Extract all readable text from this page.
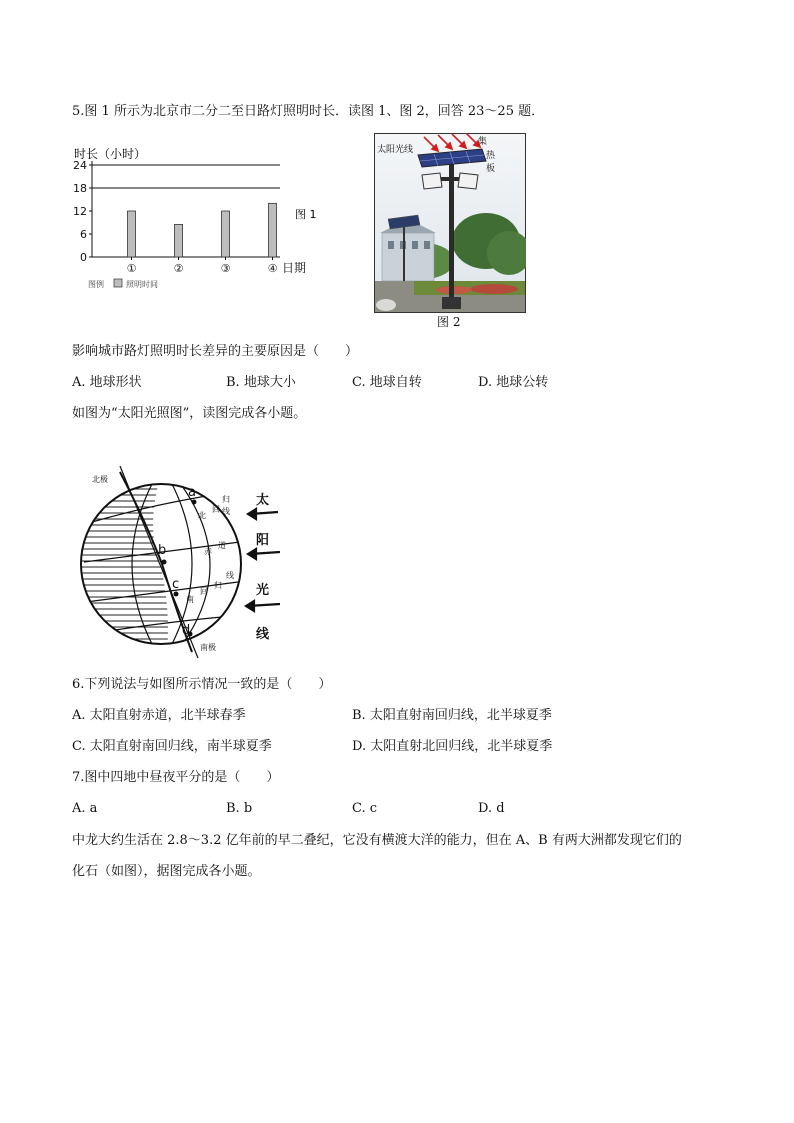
5.图 1 所示为北京市二分二至日路灯照明时长．读图 1、图 2，回答 23～25 题．
时长（小时）
0
6
12
18
24
①	②	③	④ 日期
图 1
图例	照明时间
太阳光线
集
热
板
图 2
影响城市路灯照明时长差异的主要原因是（　　）
A. 地球形状	B. 地球大小	C. 地球自转	D. 地球公转
如图为“太阳光照图”，读图完成各小题。
a
b
c
d
北极
南极
北
回
归
线
赤
道
南
回
归
线
太
阳
光
线
6.下列说法与如图所示情况一致的是（　　）
A. 太阳直射赤道，北半球春季	B. 太阳直射南回归线，北半球夏季
C. 太阳直射南回归线，南半球夏季	D. 太阳直射北回归线，北半球夏季
7.图中四地中昼夜平分的是（　　）
A. a	B. b	C. c	D. d
中龙大约生活在 2.8～3.2 亿年前的早二叠纪，它没有横渡大洋的能力，但在 A、B 有两大洲都发现它们的
化石（如图），据图完成各小题。
